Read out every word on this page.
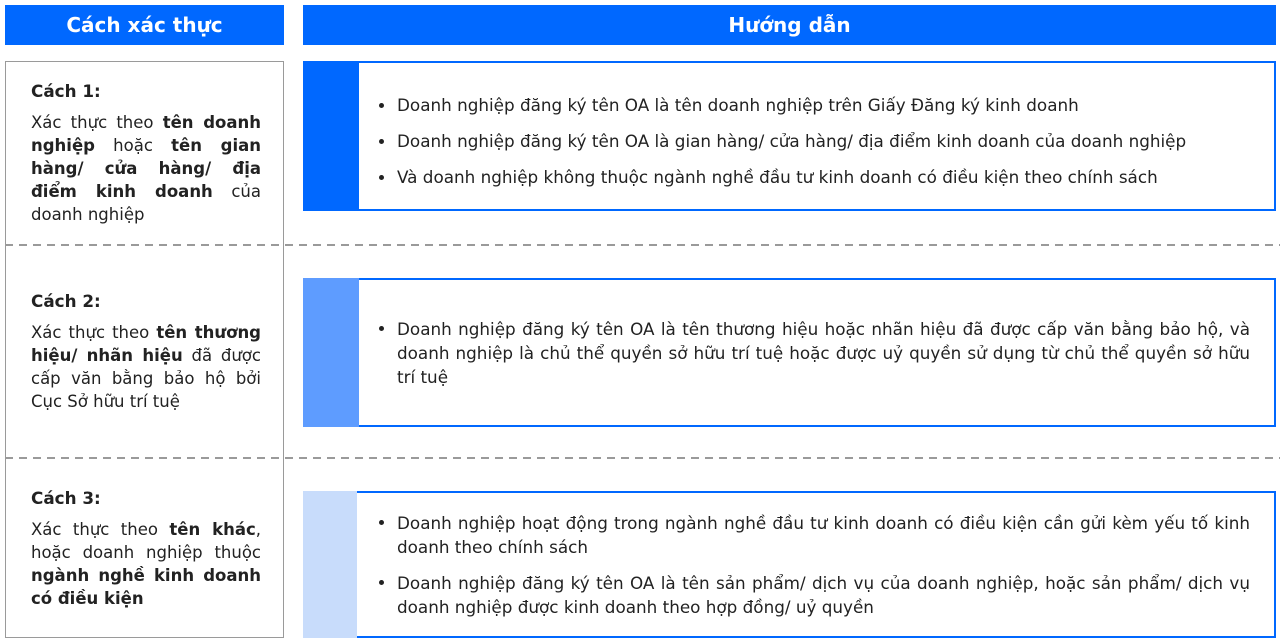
Cách xác thực	Hướng dẫn
Cách 1:
Xác thực theo tên doanh nghiệp hoặc tên gian hàng/ cửa hàng/ địa điểm kinh doanh của doanh nghiệp
Cách 2:
Xác thực theo tên thương hiệu/ nhãn hiệu đã được cấp văn bằng bảo hộ bởi Cục Sở hữu trí tuệ
Cách 3:
Xác thực theo tên khác, hoặc doanh nghiệp thuộc ngành nghề kinh doanh có điều kiện
Doanh nghiệp đăng ký tên OA là tên doanh nghiệp trên Giấy Đăng ký kinh doanh
Doanh nghiệp đăng ký tên OA là gian hàng/ cửa hàng/ địa điểm kinh doanh của doanh nghiệp
Và doanh nghiệp không thuộc ngành nghề đầu tư kinh doanh có điều kiện theo chính sách
Doanh nghiệp đăng ký tên OA là tên thương hiệu hoặc nhãn hiệu đã được cấp văn bằng bảo hộ, và doanh nghiệp là chủ thể quyền sở hữu trí tuệ hoặc được uỷ quyền sử dụng từ chủ thể quyền sở hữu trí tuệ
Doanh nghiệp hoạt động trong ngành nghề đầu tư kinh doanh có điều kiện cần gửi kèm yếu tố kinh doanh theo chính sách
Doanh nghiệp đăng ký tên OA là tên sản phẩm/ dịch vụ của doanh nghiệp, hoặc sản phẩm/ dịch vụ doanh nghiệp được kinh doanh theo hợp đồng/ uỷ quyền
